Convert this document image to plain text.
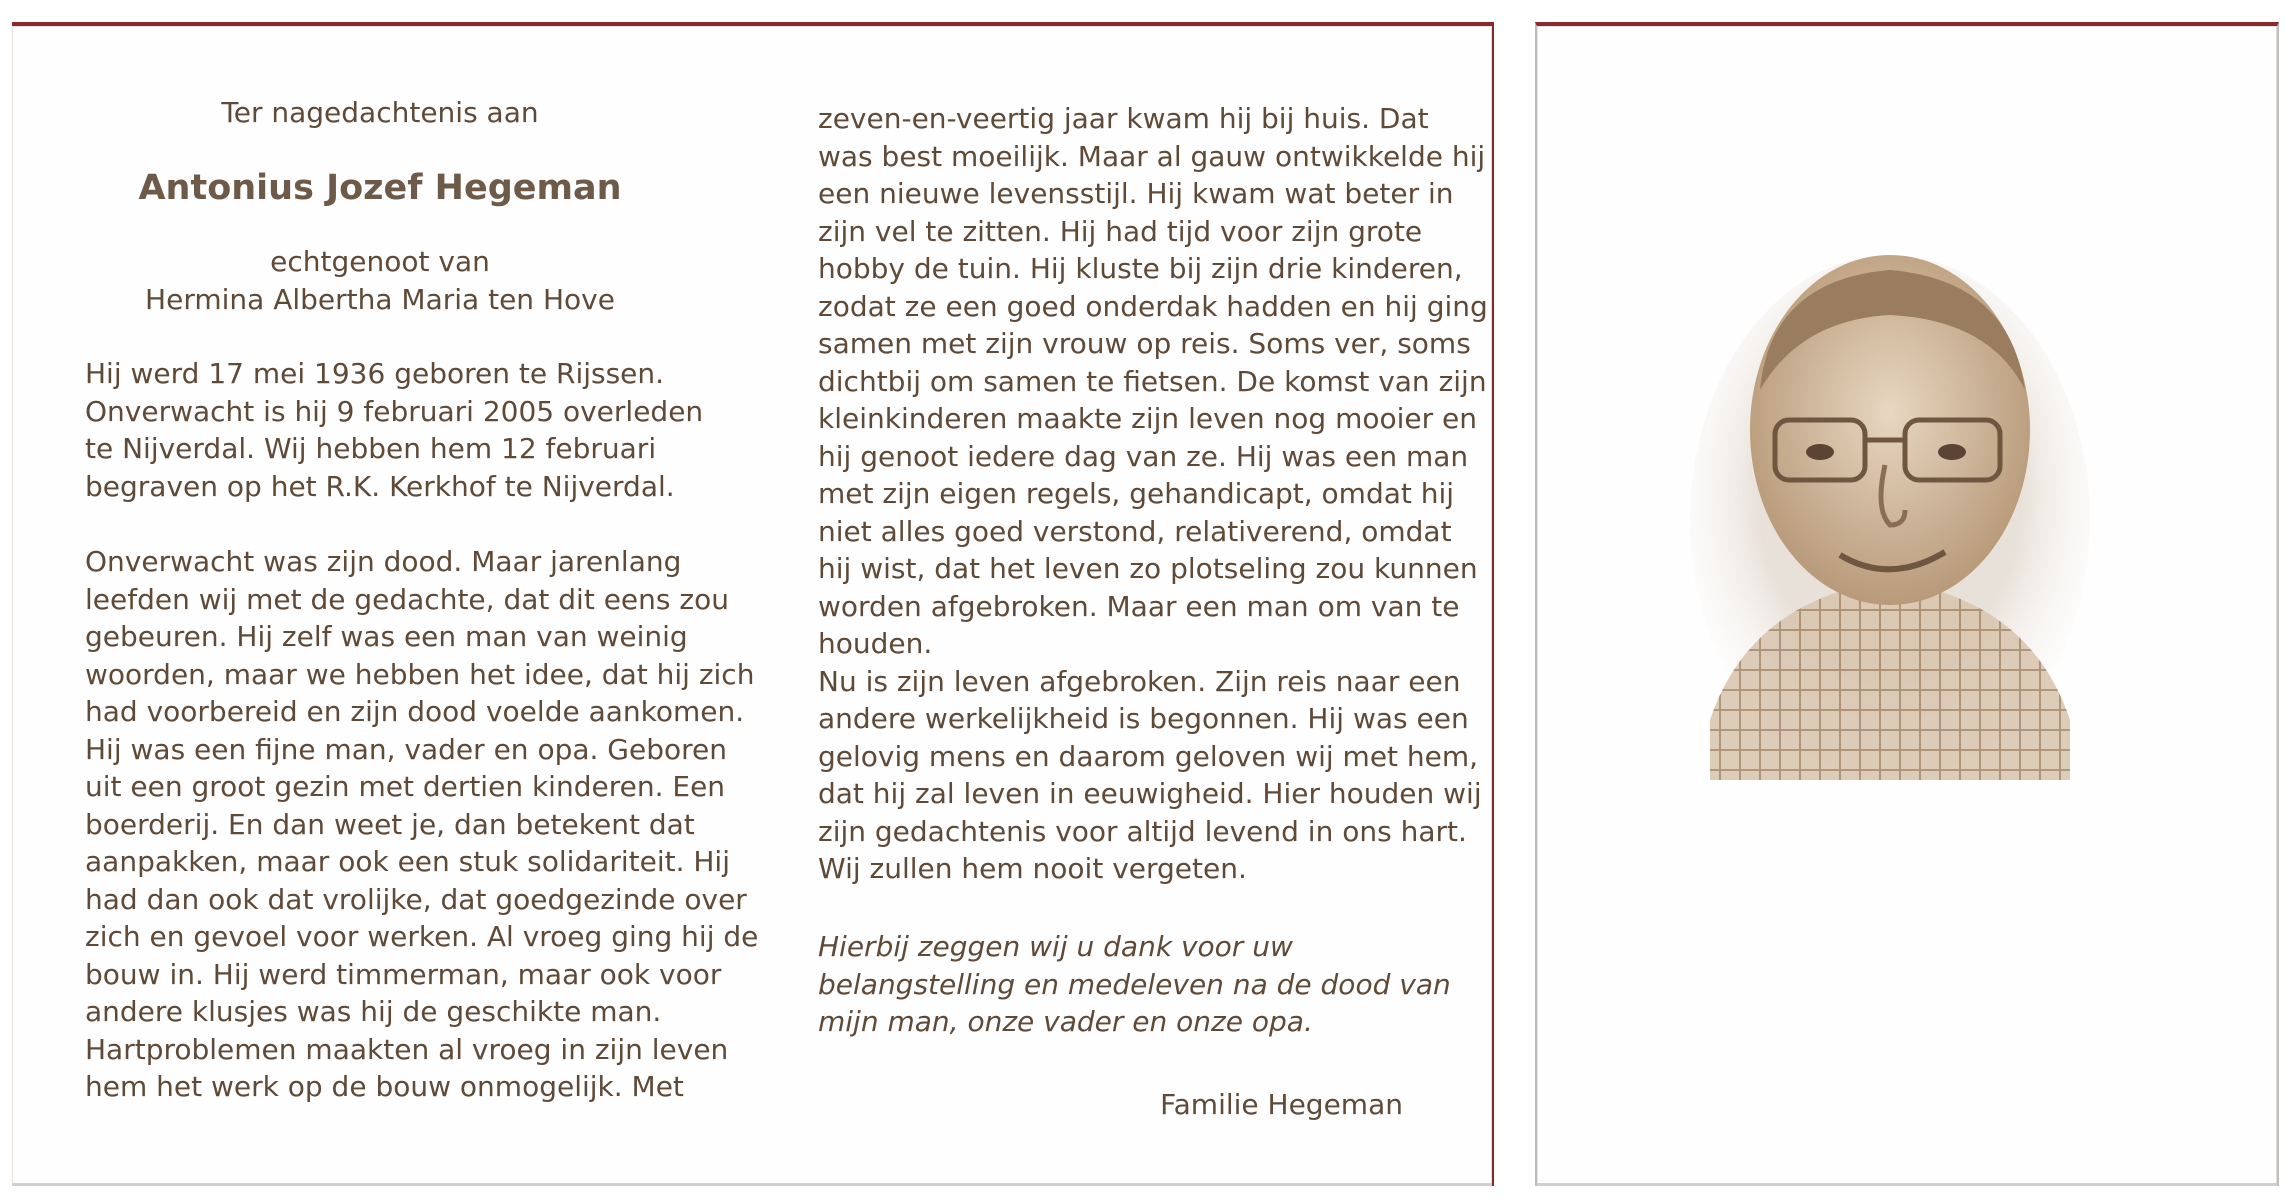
Ter nagedachtenis aan
Antonius Jozef Hegeman
echtgenoot van
Hermina Albertha Maria ten Hove
Hij werd 17 mei 1936 geboren te Rijssen.
Onverwacht is hij 9 februari 2005 overleden
te Nijverdal. Wij hebben hem 12 februari
begraven op het R.K. Kerkhof te Nijverdal.
Onverwacht was zijn dood. Maar jarenlang
leefden wij met de gedachte, dat dit eens zou
gebeuren. Hij zelf was een man van weinig
woorden, maar we hebben het idee, dat hij zich
had voorbereid en zijn dood voelde aankomen.
Hij was een fijne man, vader en opa. Geboren
uit een groot gezin met dertien kinderen. Een
boerderij. En dan weet je, dan betekent dat
aanpakken, maar ook een stuk solidariteit. Hij
had dan ook dat vrolijke, dat goedgezinde over
zich en gevoel voor werken. Al vroeg ging hij de
bouw in. Hij werd timmerman, maar ook voor
andere klusjes was hij de geschikte man.
Hartproblemen maakten al vroeg in zijn leven
hem het werk op de bouw onmogelijk. Met
zeven-en-veertig jaar kwam hij bij huis. Dat
was best moeilijk. Maar al gauw ontwikkelde hij
een nieuwe levensstijl. Hij kwam wat beter in
zijn vel te zitten. Hij had tijd voor zijn grote
hobby de tuin. Hij kluste bij zijn drie kinderen,
zodat ze een goed onderdak hadden en hij ging
samen met zijn vrouw op reis. Soms ver, soms
dichtbij om samen te fietsen. De komst van zijn
kleinkinderen maakte zijn leven nog mooier en
hij genoot iedere dag van ze. Hij was een man
met zijn eigen regels, gehandicapt, omdat hij
niet alles goed verstond, relativerend, omdat
hij wist, dat het leven zo plotseling zou kunnen
worden afgebroken. Maar een man om van te
houden.
Nu is zijn leven afgebroken. Zijn reis naar een
andere werkelijkheid is begonnen. Hij was een
gelovig mens en daarom geloven wij met hem,
dat hij zal leven in eeuwigheid. Hier houden wij
zijn gedachtenis voor altijd levend in ons hart.
Wij zullen hem nooit vergeten.
Hierbij zeggen wij u dank voor uw
belangstelling en medeleven na de dood van
mijn man, onze vader en onze opa.
Familie Hegeman
